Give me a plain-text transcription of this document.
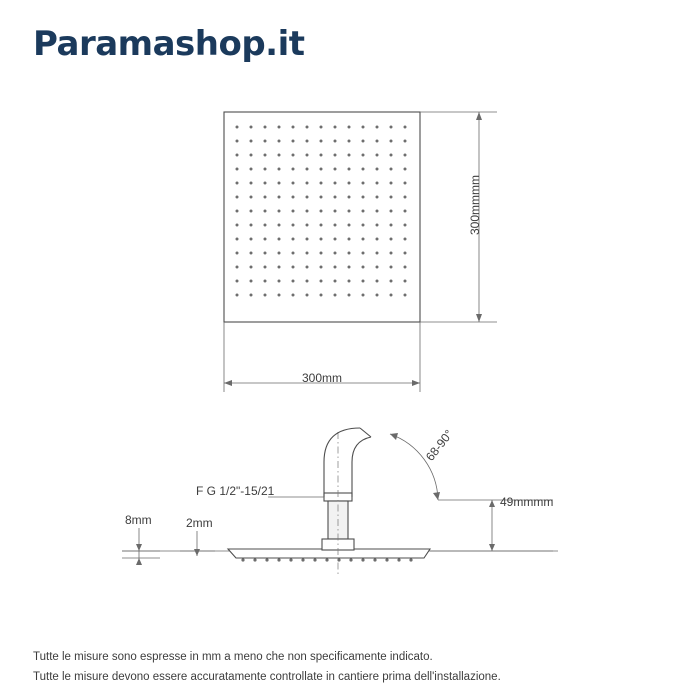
Paramashop.it
300mm
300mmmm
F G 1/2"-15/21
68-90°
49mmmm
8mm	2mm
Tutte le misure sono espresse in mm a meno che non specificamente indicato.
Tutte le misure devono essere accuratamente controllate in cantiere prima dell'installazione.
